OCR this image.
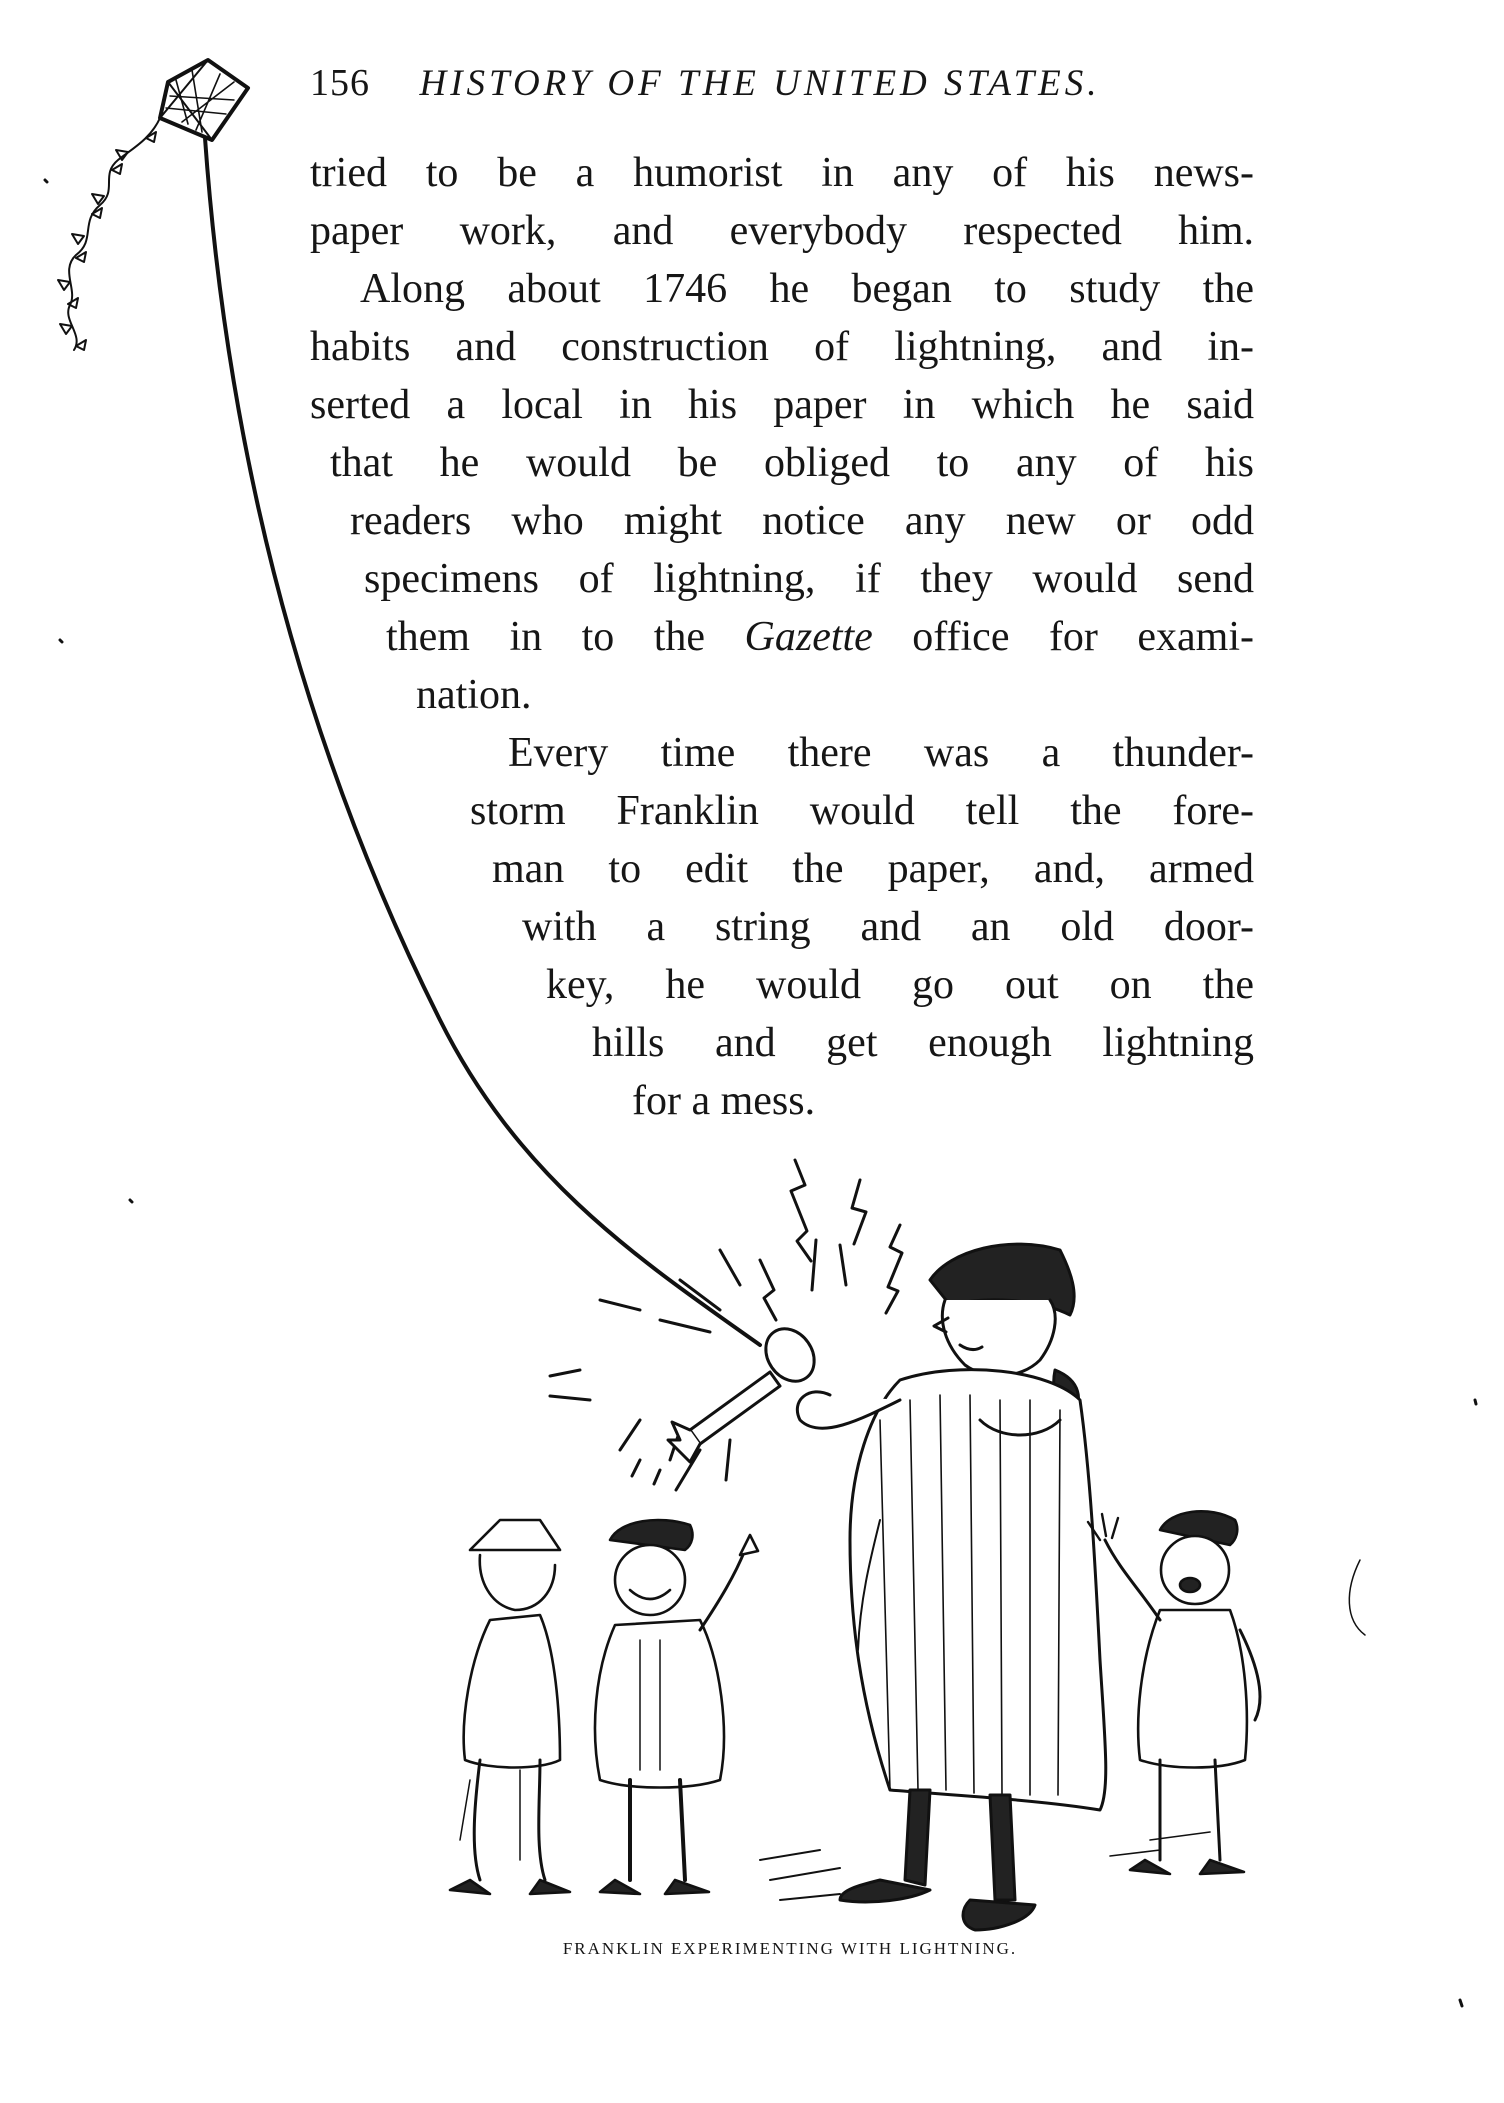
156 HISTORY OF THE UNITED STATES.
tried to be a humorist in any of his news-
paper work, and everybody respected him.
Along about 1746 he began to study the
habits and construction of lightning, and in-
serted a local in his paper in which he said
that he would be obliged to any of his
readers who might notice any new or odd
specimens of lightning, if they would send
them in to the Gazette office for exami-
nation.
Every time there was a thunder-
storm Franklin would tell the fore-
man to edit the paper, and, armed
with a string and an old door-
key, he would go out on the
hills and get enough lightning
for a mess.
FRANKLIN EXPERIMENTING WITH LIGHTNING.
